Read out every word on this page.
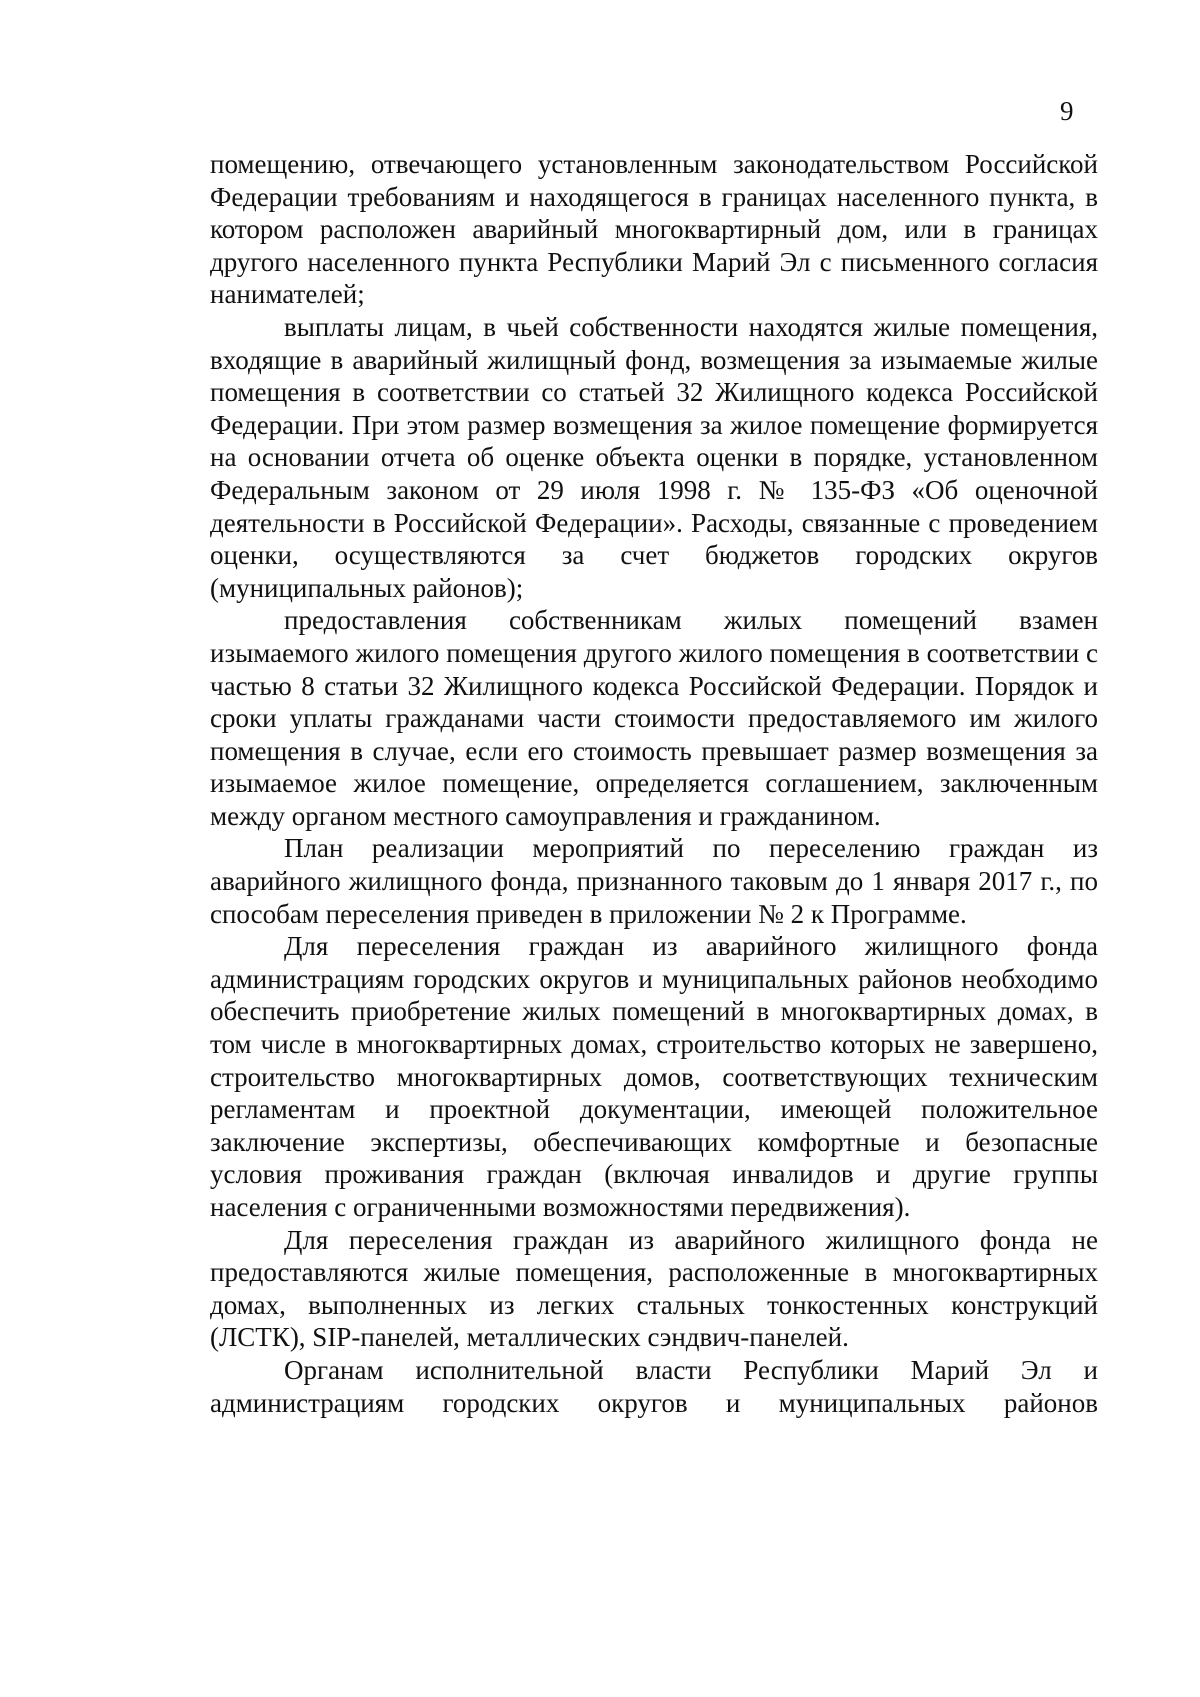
9

помещению, отвечающего установленным законодательством Российской Федерации требованиям и находящегося в границах населенного пункта, в котором расположен аварийный многоквартирный дом, или в границах другого населенного пункта Республики Марий Эл с письменного согласия нанимателей;

выплаты лицам, в чьей собственности находятся жилые помещения, входящие в аварийный жилищный фонд, возмещения за изымаемые жилые помещения в соответствии со статьей 32 Жилищного кодекса Российской Федерации. При этом размер возмещения за жилое помещение формируется на основании отчета об оценке объекта оценки в порядке, установленном Федеральным законом от 29 июля 1998 г. № 135-ФЗ «Об оценочной деятельности в Российской Федерации». Расходы, связанные с проведением оценки, осуществляются за счет бюджетов городских округов (муниципальных районов);

предоставления собственникам жилых помещений взамен изымаемого жилого помещения другого жилого помещения в соответствии с частью 8 статьи 32 Жилищного кодекса Российской Федерации. Порядок и сроки уплаты гражданами части стоимости предоставляемого им жилого помещения в случае, если его стоимость превышает размер возмещения за изымаемое жилое помещение, определяется соглашением, заключенным между органом местного самоуправления и гражданином.

План реализации мероприятий по переселению граждан из аварийного жилищного фонда, признанного таковым до 1 января 2017 г., по способам переселения приведен в приложении № 2 к Программе.

Для переселения граждан из аварийного жилищного фонда администрациям городских округов и муниципальных районов необходимо обеспечить приобретение жилых помещений в многоквартирных домах, в том числе в многоквартирных домах, строительство которых не завершено, строительство многоквартирных домов, соответствующих техническим регламентам и проектной документации, имеющей положительное заключение экспертизы, обеспечивающих комфортные и безопасные условия проживания граждан (включая инвалидов и другие группы населения с ограниченными возможностями передвижения).

Для переселения граждан из аварийного жилищного фонда не предоставляются жилые помещения, расположенные в многоквартирных домах, выполненных из легких стальных тонкостенных конструкций (ЛСТК), SIP-панелей, металлических сэндвич-панелей.

Органам исполнительной власти Республики Марий Эл и администрациям городских округов и муниципальных районов
